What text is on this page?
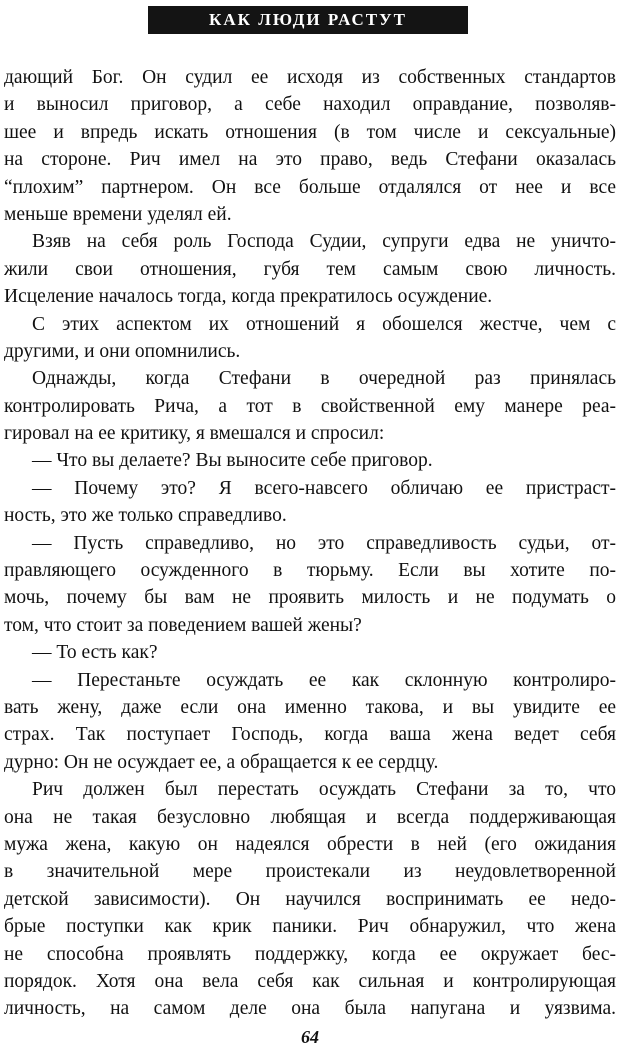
КАК ЛЮДИ РАСТУТ
дающий Бог. Он судил ее исходя из собственных стандартов
и выносил приговор, а себе находил оправдание, позволяв-
шее и впредь искать отношения (в том числе и сексуальные)
на стороне. Рич имел на это право, ведь Стефани оказалась
“плохим” партнером. Он все больше отдалялся от нее и все
меньше времени уделял ей.
Взяв на себя роль Господа Судии, супруги едва не уничто-
жили свои отношения, губя тем самым свою личность.
Исцеление началось тогда, когда прекратилось осуждение.
С этих аспектом их отношений я обошелся жестче, чем с
другими, и они опомнились.
Однажды, когда Стефани в очередной раз принялась
контролировать Рича, а тот в свойственной ему манере реа-
гировал на ее критику, я вмешался и спросил:
— Что вы делаете? Вы выносите себе приговор.
— Почему это? Я всего-навсего обличаю ее пристраст-
ность, это же только справедливо.
— Пусть справедливо, но это справедливость судьи, от-
правляющего осужденного в тюрьму. Если вы хотите по-
мочь, почему бы вам не проявить милость и не подумать о
том, что стоит за поведением вашей жены?
— То есть как?
— Перестаньте осуждать ее как склонную контролиро-
вать жену, даже если она именно такова, и вы увидите ее
страх. Так поступает Господь, когда ваша жена ведет себя
дурно: Он не осуждает ее, а обращается к ее сердцу.
Рич должен был перестать осуждать Стефани за то, что
она не такая безусловно любящая и всегда поддерживающая
мужа жена, какую он надеялся обрести в ней (его ожидания
в значительной мере проистекали из неудовлетворенной
детской зависимости). Он научился воспринимать ее недо-
брые поступки как крик паники. Рич обнаружил, что жена
не способна проявлять поддержку, когда ее окружает бес-
порядок. Хотя она вела себя как сильная и контролирующая
личность, на самом деле она была напугана и уязвима.
64
